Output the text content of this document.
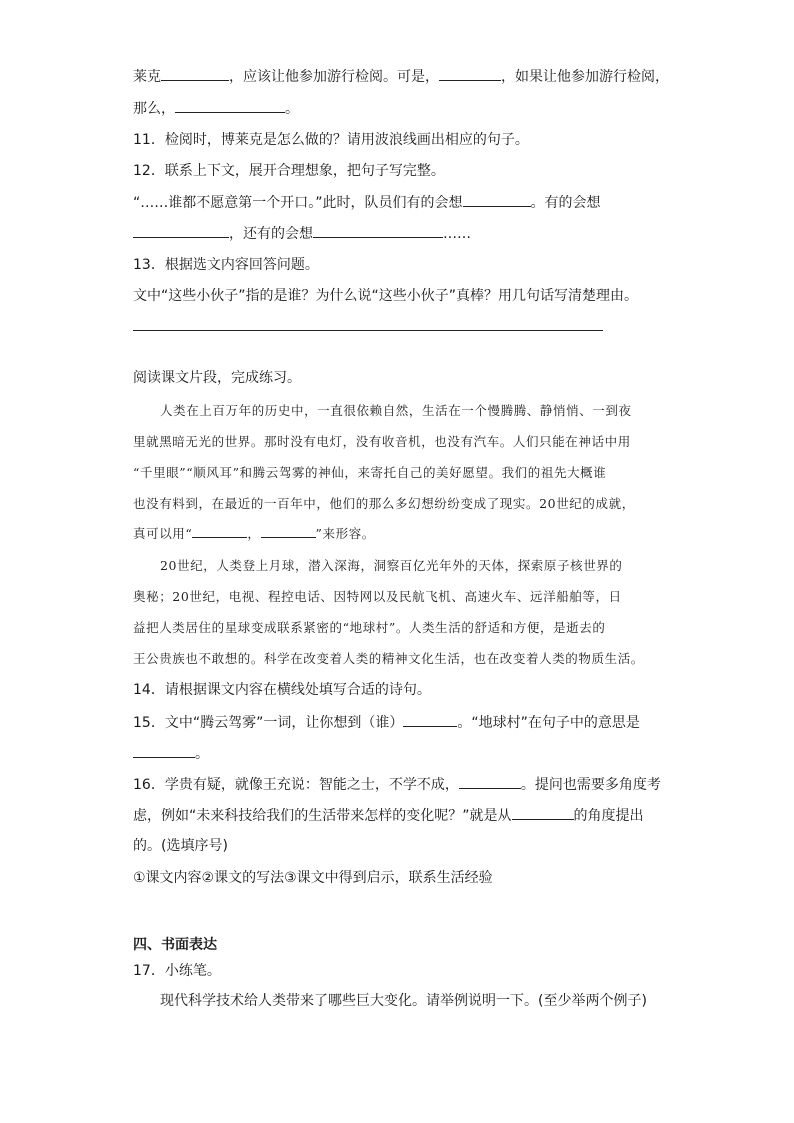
莱克	，应该让他参加游行检阅。可是，	，如果让他参加游行检阅，
那么，	。
11．检阅时，博莱克是怎么做的？请用波浪线画出相应的句子。
12．联系上下文，展开合理想象，把句子写完整。
“……谁都不愿意第一个开口。”此时，队员们有的会想	。有的会想
，还有的会想	……
13．根据选文内容回答问题。
文中“这些小伙子”指的是谁？为什么说“这些小伙子”真棒？用几句话写清楚理由。
阅读课文片段，完成练习。
人类在上百万年的历史中，一直很依赖自然，生活在一个慢腾腾、静悄悄、一到夜
里就黑暗无光的世界。那时没有电灯，没有收音机，也没有汽车。人们只能在神话中用
“千里眼”“顺风耳”和腾云驾雾的神仙，来寄托自己的美好愿望。我们的祖先大概谁
也没有料到，在最近的一百年中，他们的那么多幻想纷纷变成了现实。20世纪的成就，
真可以用“	，	”来形容。
20世纪，人类登上月球，潜入深海，洞察百亿光年外的天体，探索原子核世界的
奥秘；20世纪，电视、程控电话、因特网以及民航飞机、高速火车、远洋船舶等，日
益把人类居住的星球变成联系紧密的“地球村”。人类生活的舒适和方便，是逝去的
王公贵族也不敢想的。科学在改变着人类的精神文化生活，也在改变着人类的物质生活。
14．请根据课文内容在横线处填写合适的诗句。
15．文中“腾云驾雾”一词，让你想到（谁）	。“地球村”在句子中的意思是
。
16．学贵有疑，就像王充说：智能之士，不学不成，	。提问也需要多角度考
虑，例如“未来科技给我们的生活带来怎样的变化呢？”就是从	的角度提出
的。(选填序号)
①课文内容②课文的写法③课文中得到启示，联系生活经验
四、书面表达
17．小练笔。
现代科学技术给人类带来了哪些巨大变化。请举例说明一下。(至少举两个例子)
